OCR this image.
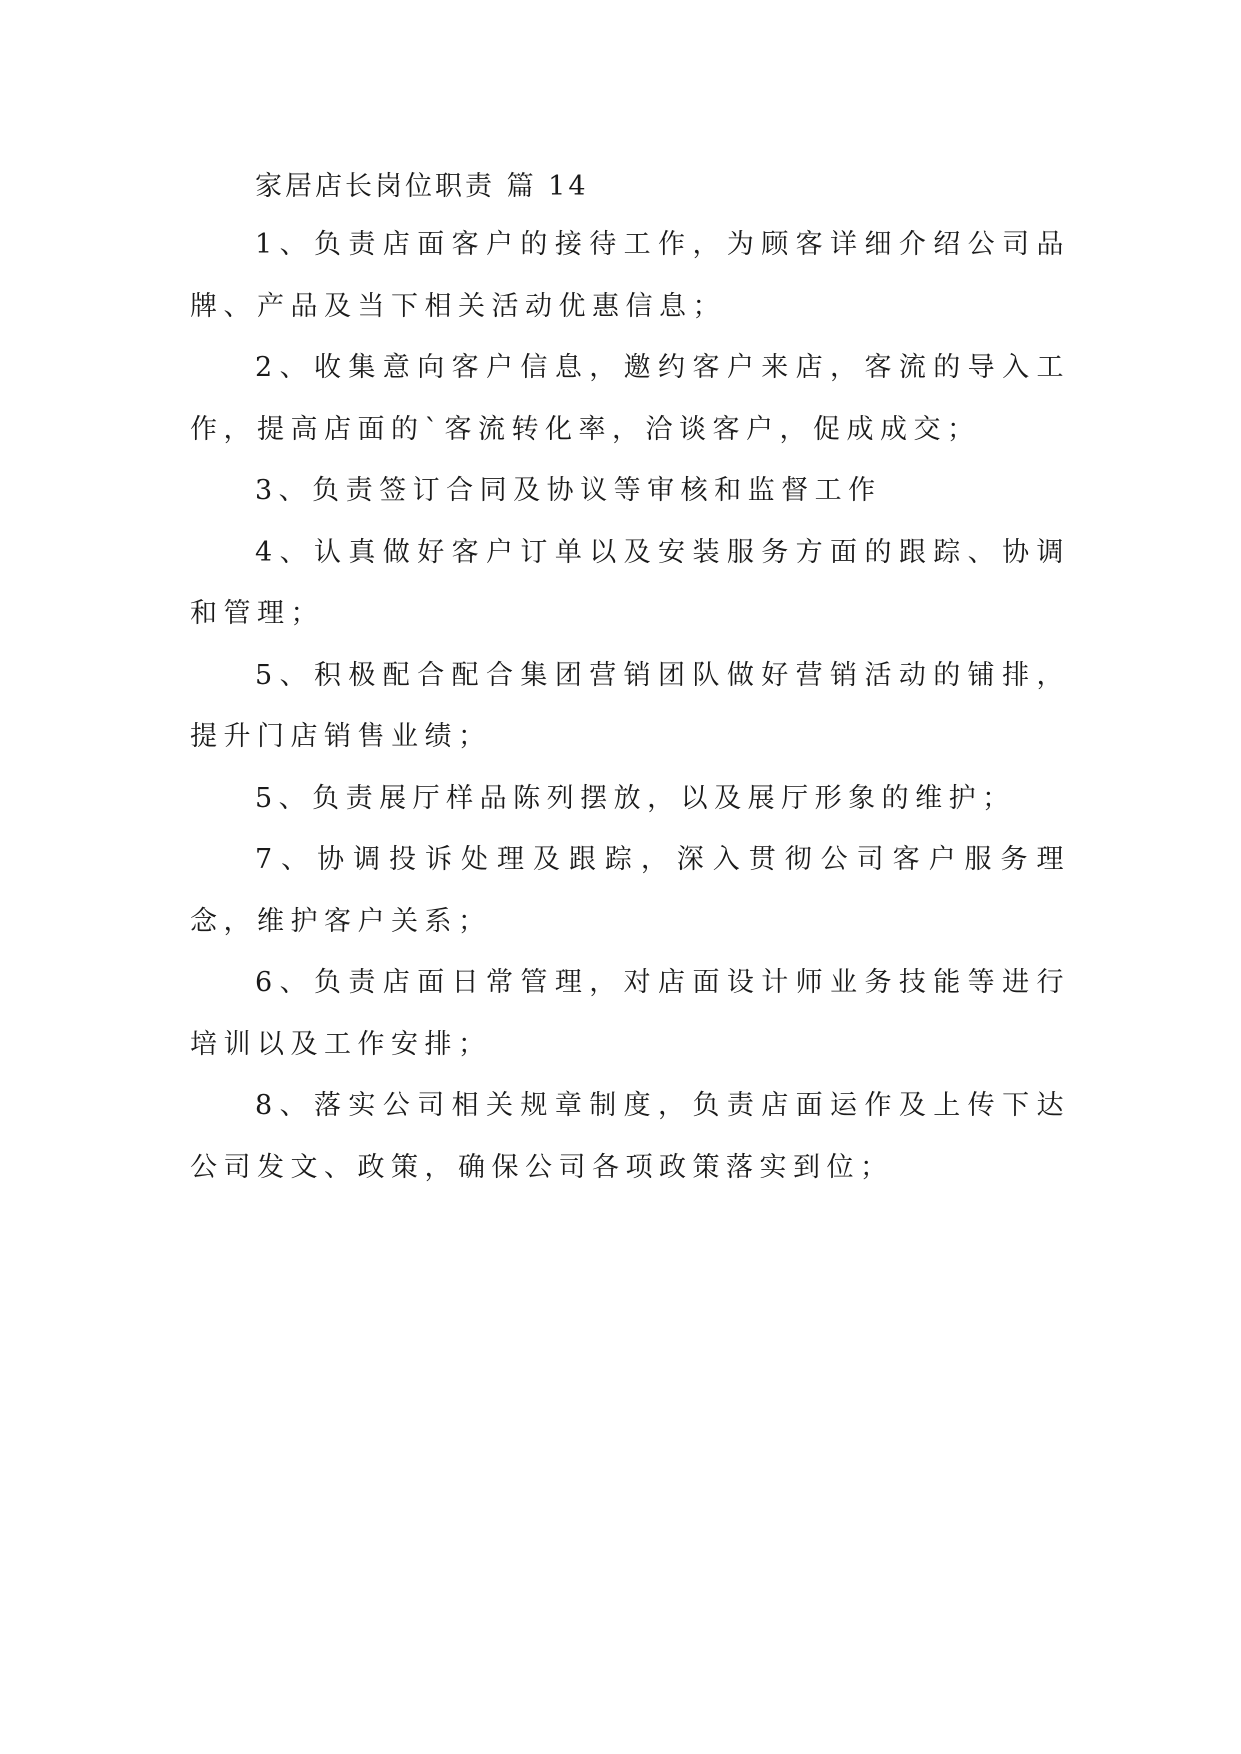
家居店长岗位职责 篇 14

1、负责店面客户的接待工作，为顾客详细介绍公司品牌、产品及当下相关活动优惠信息；

2、收集意向客户信息，邀约客户来店，客流的导入工作，提高店面的`客流转化率，洽谈客户，促成成交；

3、负责签订合同及协议等审核和监督工作

4、认真做好客户订单以及安装服务方面的跟踪、协调和管理；

5、积极配合配合集团营销团队做好营销活动的铺排，提升门店销售业绩；

5、负责展厅样品陈列摆放，以及展厅形象的维护；

7、协调投诉处理及跟踪，深入贯彻公司客户服务理念，维护客户关系；

6、负责店面日常管理，对店面设计师业务技能等进行培训以及工作安排；

8、落实公司相关规章制度，负责店面运作及上传下达公司发文、政策，确保公司各项政策落实到位；
